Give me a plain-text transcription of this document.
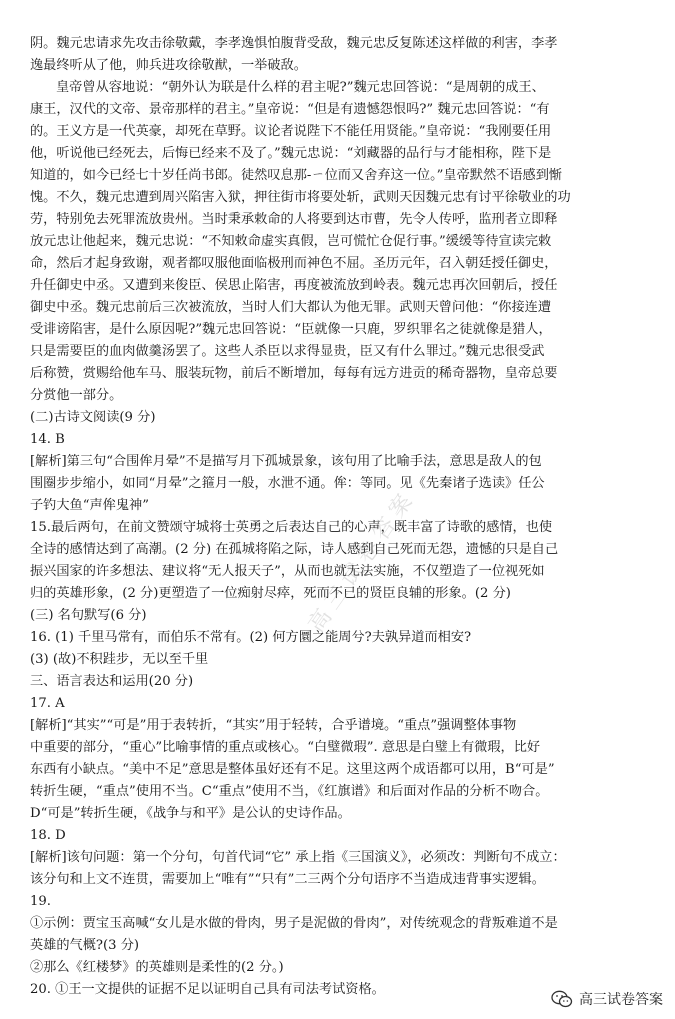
阴。魏元忠请求先攻击徐敬戴，李孝逸惧怕腹背受敌，魏元忠反复陈述这样做的利害，李孝
逸最终听从了他，帅兵进攻徐敬猷，一举破敌。
皇帝曾从容地说：“朝外认为联是什么样的君主呢?”魏元忠回答说：“是周朝的成王、
康王，汉代的文帝、景帝那样的君主。”皇帝说：“但是有遗憾怨恨吗?” 魏元忠回答说：“有
的。王义方是一代英豪，却死在草野。议论者说陛下不能任用贤能。”皇帝说：“我刚要任用
他，听说他已经死去，后悔已经来不及了。”魏元忠说：“刘藏器的品行与才能相称，陛下是
知道的，如今已经七十岁任尚书郎。徒然叹息那-ㄧ位而又舍弃这一位。”皇帝默然不语感到惭
愧。不久，魏元忠遭到周兴陷害入狱，押往街市将要处斩，武则天因魏元忠有讨平徐敬业的功
劳，特别免去死罪流放贵州。当时秉承敕命的人将要到达市曹，先令人传呼，监刑者立即释
放元忠让他起来，魏元忠说：“不知敕命虚实真假，岂可慌忙仓促行事。”缓缓等待宣读完敕
命，然后才起身致谢，观者都叹服他面临极刑而神色不屈。圣历元年，召入朝廷授任御史，
升任御史中丞。又遭到来俊臣、侯思止陷害，再度被流放到岭表。魏元忠再次回朝后，授任
御史中丞。魏元忠前后三次被流放，当时人们大都认为他无罪。武则天曾问他：“你接连遭
受诽谤陷害，是什么原因呢?”魏元忠回答说：“臣就像一只鹿，罗织罪名之徒就像是猎人，
只是需要臣的血肉做羹汤罢了。这些人杀臣以求得显贵，臣又有什么罪过。”魏元忠很受武
后称赞，赏赐给他车马、服装玩物，前后不断增加，每每有远方进贡的稀奇器物，皇帝总要
分赏他一部分。
(二)古诗文阅读(9 分)
14. B
[解析]第三句“合围侔月晕”不是描写月下孤城景象，该句用了比喻手法，意思是敌人的包
围圈步步缩小，如同“月晕”之箍月一般，水泄不通。侔：等同。见《先秦诸子选读》任公
子钓大鱼“声侔鬼神”
15.最后两句，在前文赞颂守城将士英勇之后表达自己的心声，既丰富了诗歌的感情，也使
全诗的感情达到了高潮。(2 分) 在孤城将陷之际，诗人感到自己死而无怨，遗憾的只是自己
振兴国家的许多想法、建议将“无人报天子”，从而也就无法实施，不仅塑造了一位视死如
归的英雄形象，(2 分)更塑造了一位痴射尽瘁，死而不已的贤臣良辅的形象。(2 分)
(三) 名句默写(6 分)
16. (1) 千里马常有，而伯乐不常有。(2) 何方圜之能周兮?夫孰异道而相安?
(3) (故)不积跬步，无以至千里
三、语言表达和运用(20 分)
17. A
[解析]“其实”“可是”用于表转折，“其实”用于轻转，合乎谱境。“重点”强调整体事物
中重要的部分，“重心”比喻事情的重点或核心。“白璧微瑕”. 意思是白璧上有微瑕，比好
东西有小缺点。“美中不足”意思是整体虽好还有不足。这里这两个成语都可以用，B“可是”
转折生硬，“重点”使用不当。C“重点”使用不当，《红旗谱》和后面对作品的分析不吻合。
D“可是”转折生硬，《战争与和平》是公认的史诗作品。
18. D
[解析]该句问题：第一个分句，句首代词“它” 承上指《三国演义》，必须改：判断句不成立：
该分句和上文不连贯，需要加上“唯有”“只有”二三两个分句语序不当造成违背事实逻辑。
19.
①示例：贾宝玉高喊“女儿是水做的骨肉，男子是泥做的骨肉”，对传统观念的背叛难道不是
英雄的气概?(3 分)
②那么《红楼梦》的英雄则是柔性的(2 分。)
20. ①王一文提供的证据不足以证明自己具有司法考试资格。
高三试卷答案
高三试卷答案
